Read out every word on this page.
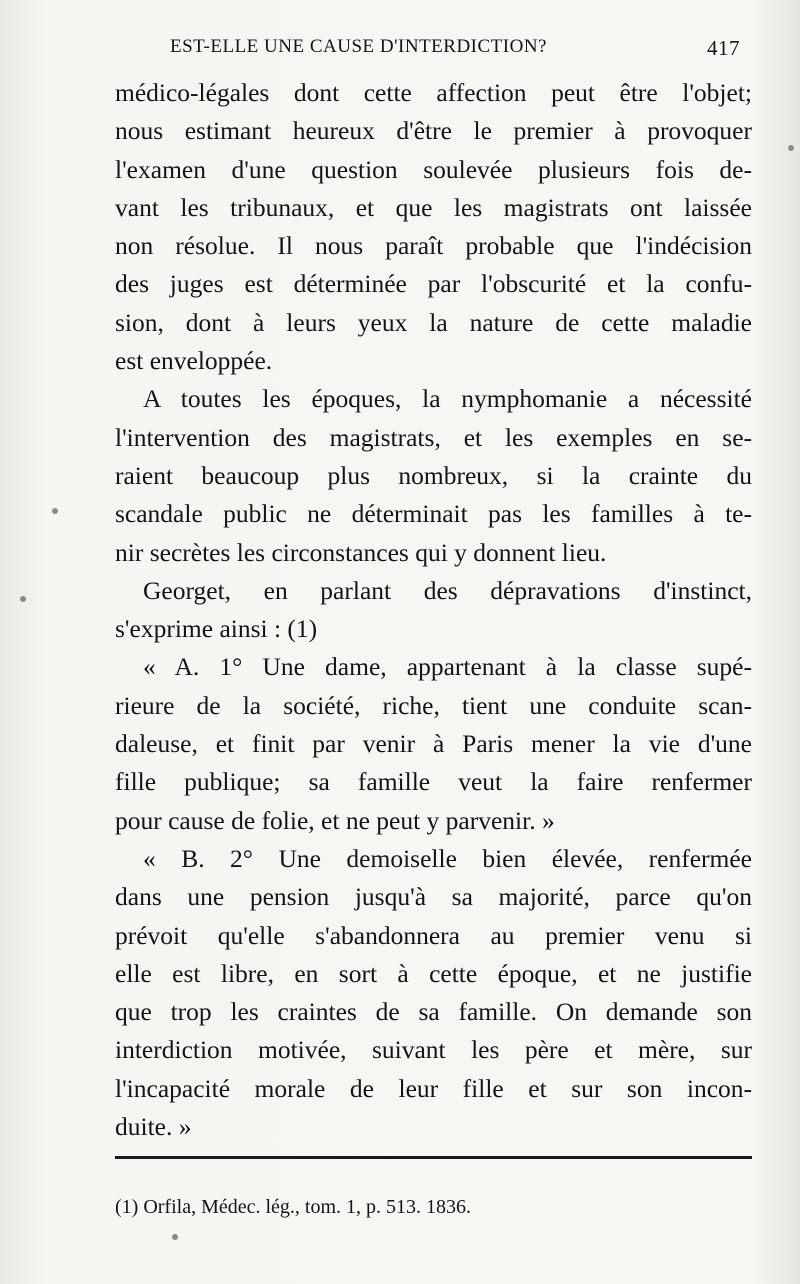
EST-ELLE UNE CAUSE D'INTERDICTION?	417
médico-légales dont cette affection peut être l'objet;
nous estimant heureux d'être le premier à provoquer
l'examen d'une question soulevée plusieurs fois de-
vant les tribunaux, et que les magistrats ont laissée
non résolue. Il nous paraît probable que l'indécision
des juges est déterminée par l'obscurité et la confu-
sion, dont à leurs yeux la nature de cette maladie
est enveloppée.
A toutes les époques, la nymphomanie a nécessité
l'intervention des magistrats, et les exemples en se-
raient beaucoup plus nombreux, si la crainte du
scandale public ne déterminait pas les familles à te-
nir secrètes les circonstances qui y donnent lieu.
Georget, en parlant des dépravations d'instinct,
s'exprime ainsi : (1)
« A. 1° Une dame, appartenant à la classe supé-
rieure de la société, riche, tient une conduite scan-
daleuse, et finit par venir à Paris mener la vie d'une
fille publique; sa famille veut la faire renfermer
pour cause de folie, et ne peut y parvenir. »
« B. 2° Une demoiselle bien élevée, renfermée
dans une pension jusqu'à sa majorité, parce qu'on
prévoit qu'elle s'abandonnera au premier venu si
elle est libre, en sort à cette époque, et ne justifie
que trop les craintes de sa famille. On demande son
interdiction motivée, suivant les père et mère, sur
l'incapacité morale de leur fille et sur son incon-
duite. »
(1) Orfila, Médec. lég., tom. 1, p. 513. 1836.
